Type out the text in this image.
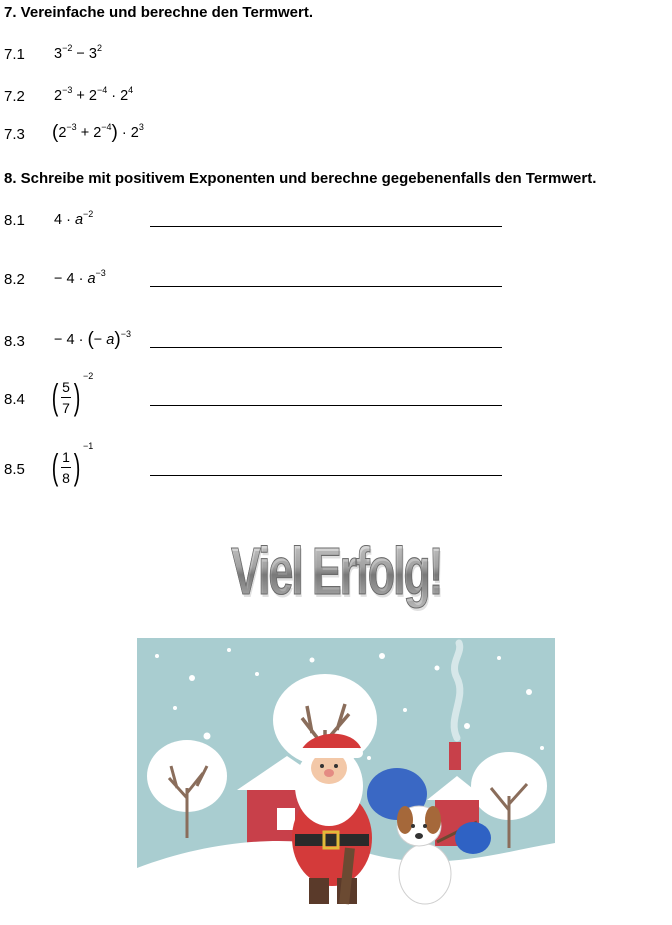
7. Vereinfache und berechne den Termwert.
7.1 $3^{-2} - 3^2$
7.2 $2^{-3} + 2^{-4} \cdot 2^4$
7.3 $(2^{-3} + 2^{-4}) \cdot 2^3$
8. Schreibe mit positivem Exponenten und berechne gegebenenfalls den Termwert.
8.1 $4 \cdot a^{-2}$
$8.2 - 4 \cdot a^{-3}$
8.3 − 4 · (− a)$^{-3}$
8.4 ( $\frac{5}{7}$ ) $^{-2}$
8.5 ( $\frac{1}{8}$ ) $^{-1}$
Viel Erfolg!
